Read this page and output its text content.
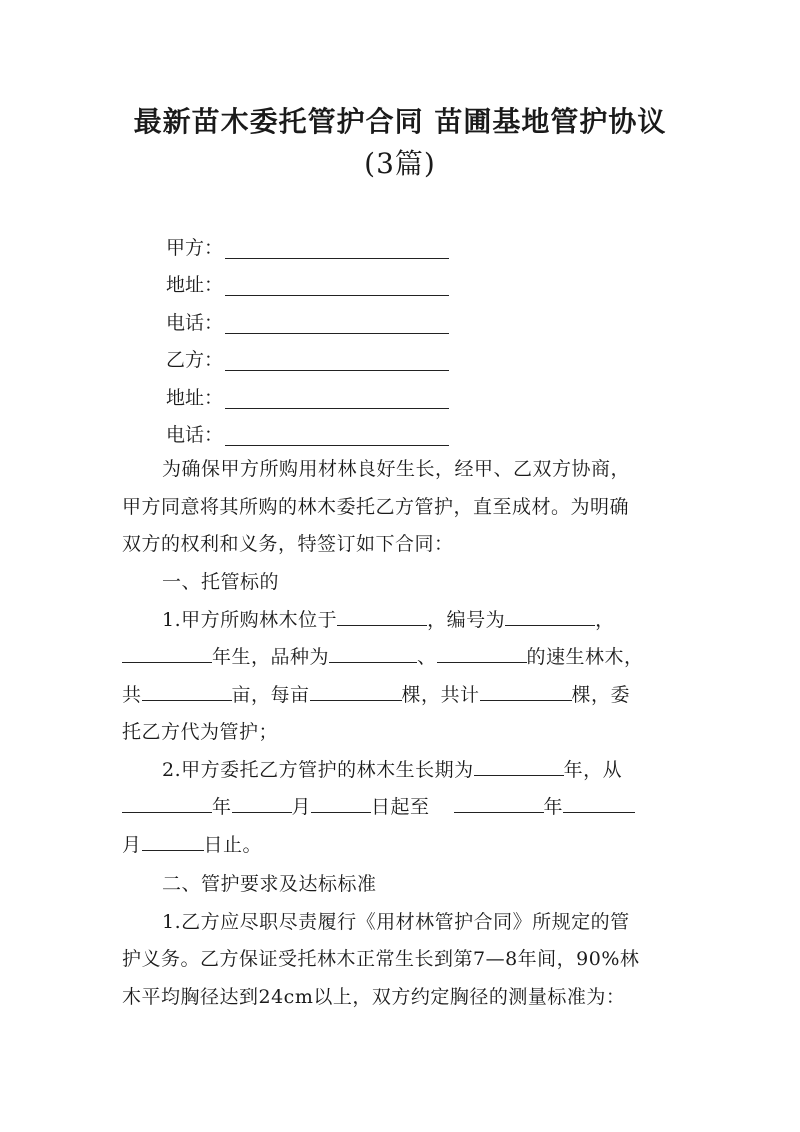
最新苗木委托管护合同 苗圃基地管护协议
(3篇)
甲方：
地址：
电话：
乙方：
地址：
电话：
为确保甲方所购用材林良好生长，经甲、乙双方协商，
甲方同意将其所购的林木委托乙方管护，直至成材。为明确
双方的权利和义务，特签订如下合同：
一、托管标的
1.甲方所购林木位于	，编号为	，
年生，品种为	、	的速生林木，
共	亩，每亩	棵，共计	棵，委
托乙方代为管护；
2.甲方委托乙方管护的林木生长期为	年，从
年	月	日起至	年
月	日止。
二、管护要求及达标标准
1.乙方应尽职尽责履行《用材林管护合同》所规定的管
护义务。乙方保证受托林木正常生长到第7—8年间，90%林
木平均胸径达到24cm以上，双方约定胸径的测量标准为：
